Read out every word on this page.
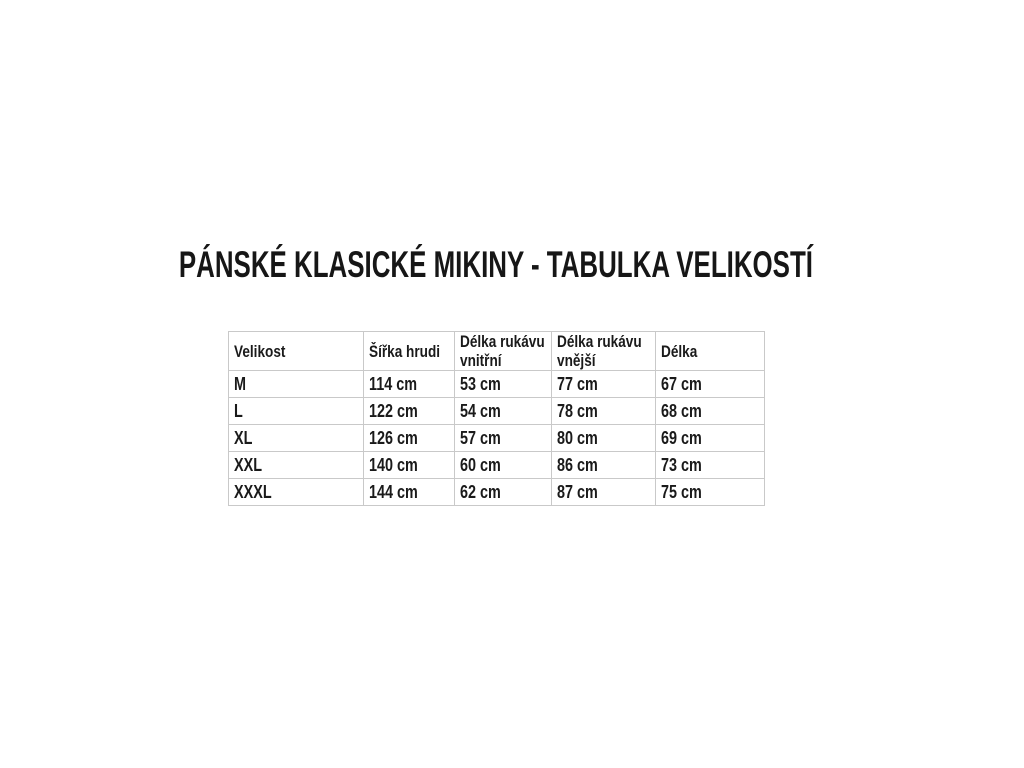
PÁNSKÉ KLASICKÉ MIKINY - TABULKA VELIKOSTÍ
Velikost	Šířka hrudi	Délka rukávu vnitřní	Délka rukávu vnější	Délka

M	114 cm	53 cm	77 cm	67 cm

L	122 cm	54 cm	78 cm	68 cm

XL	126 cm	57 cm	80 cm	69 cm

XXL	140 cm	60 cm	86 cm	73 cm

XXXL	144 cm	62 cm	87 cm	75 cm
